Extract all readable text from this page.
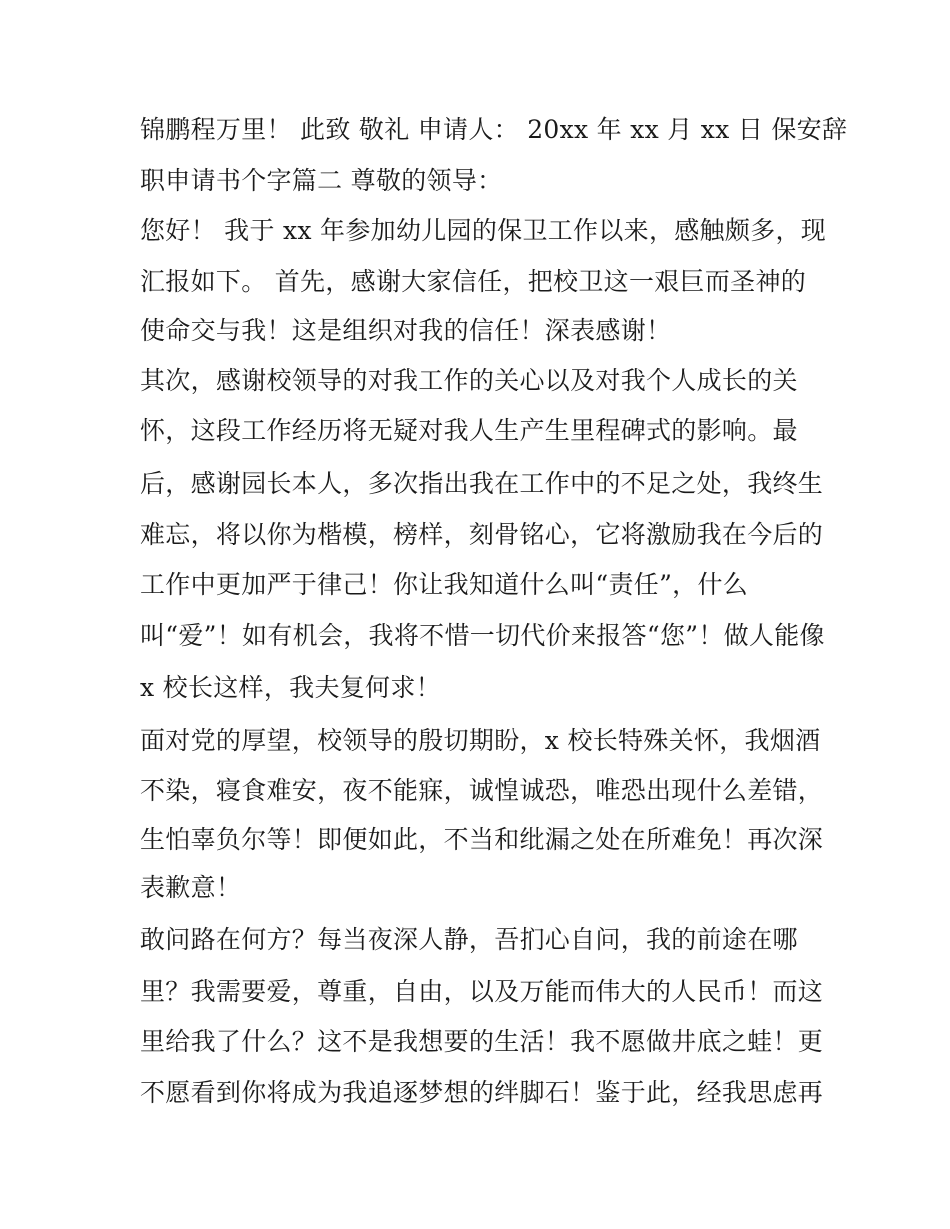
锦鹏程万里！ 此致 敬礼 申请人： 20xx 年 xx 月 xx 日 保安辞
职申请书个字篇二 尊敬的领导：
您好！ 我于 xx 年参加幼儿园的保卫工作以来，感触颇多，现
汇报如下。 首先，感谢大家信任，把校卫这一艰巨而圣神的
使命交与我！这是组织对我的信任！深表感谢！
其次，感谢校领导的对我工作的关心以及对我个人成长的关
怀，这段工作经历将无疑对我人生产生里程碑式的影响。最
后，感谢园长本人，多次指出我在工作中的不足之处，我终生
难忘，将以你为楷模，榜样，刻骨铭心，它将激励我在今后的
工作中更加严于律己！你让我知道什么叫“责任”，什么
叫“爱”！如有机会，我将不惜一切代价来报答“您”！做人能像
x 校长这样，我夫复何求！
面对党的厚望，校领导的殷切期盼，x 校长特殊关怀，我烟酒
不染，寝食难安，夜不能寐，诚惶诚恐，唯恐出现什么差错，
生怕辜负尔等！即便如此，不当和纰漏之处在所难免！再次深
表歉意！
敢问路在何方？每当夜深人静，吾扪心自问，我的前途在哪
里？我需要爱，尊重，自由，以及万能而伟大的人民币！而这
里给我了什么？这不是我想要的生活！我不愿做井底之蛙！更
不愿看到你将成为我追逐梦想的绊脚石！鉴于此，经我思虑再
